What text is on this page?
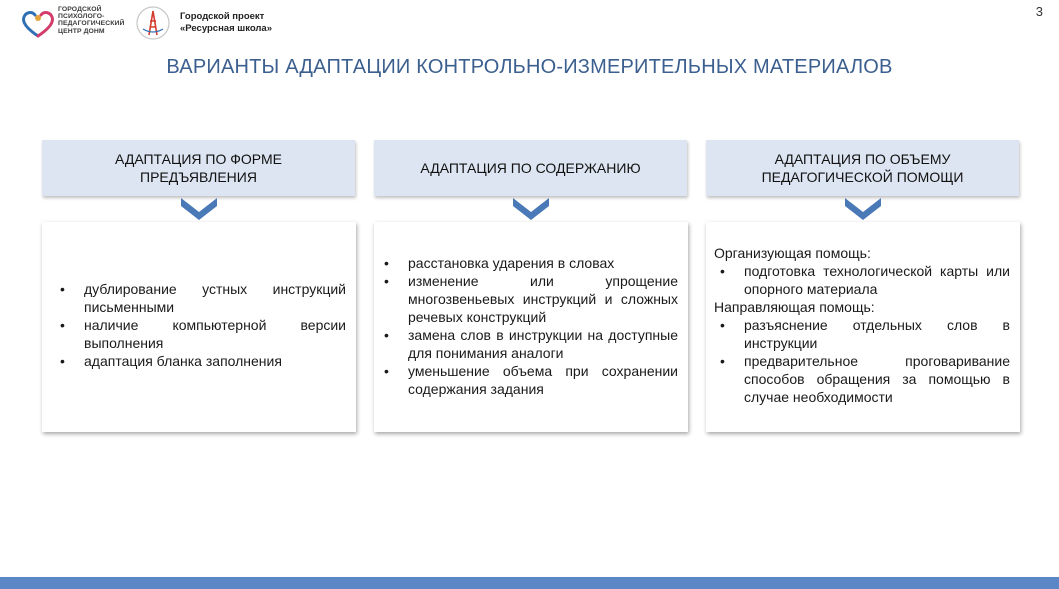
ГОРОДСКОЙ
ПСИХОЛОГО-
ПЕДАГОГИЧЕСКИЙ
ЦЕНТР ДОНМ
Городской проект
«Ресурсная школа»
3
ВАРИАНТЫ АДАПТАЦИИ КОНТРОЛЬНО-ИЗМЕРИТЕЛЬНЫХ МАТЕРИАЛОВ
АДАПТАЦИЯ ПО ФОРМЕ
ПРЕДЪЯВЛЕНИЯ
• дублирование устных инструкций письменными
• наличие компьютерной версии выполнения
• адаптация бланка заполнения
АДАПТАЦИЯ ПО СОДЕРЖАНИЮ
• расстановка ударения в словах
• изменение или упрощение многозвеньевых инструкций и сложных речевых конструкций
• замена слов в инструкции на доступные для понимания аналоги
• уменьшение объема при сохранении содержания задания
АДАПТАЦИЯ ПО ОБЪЕМУ
ПЕДАГОГИЧЕСКОЙ ПОМОЩИ
Организующая помощь:
• подготовка технологической карты или опорного материала
Направляющая помощь:
• разъяснение отдельных слов в инструкции
• предварительное проговаривание способов обращения за помощью в случае необходимости
